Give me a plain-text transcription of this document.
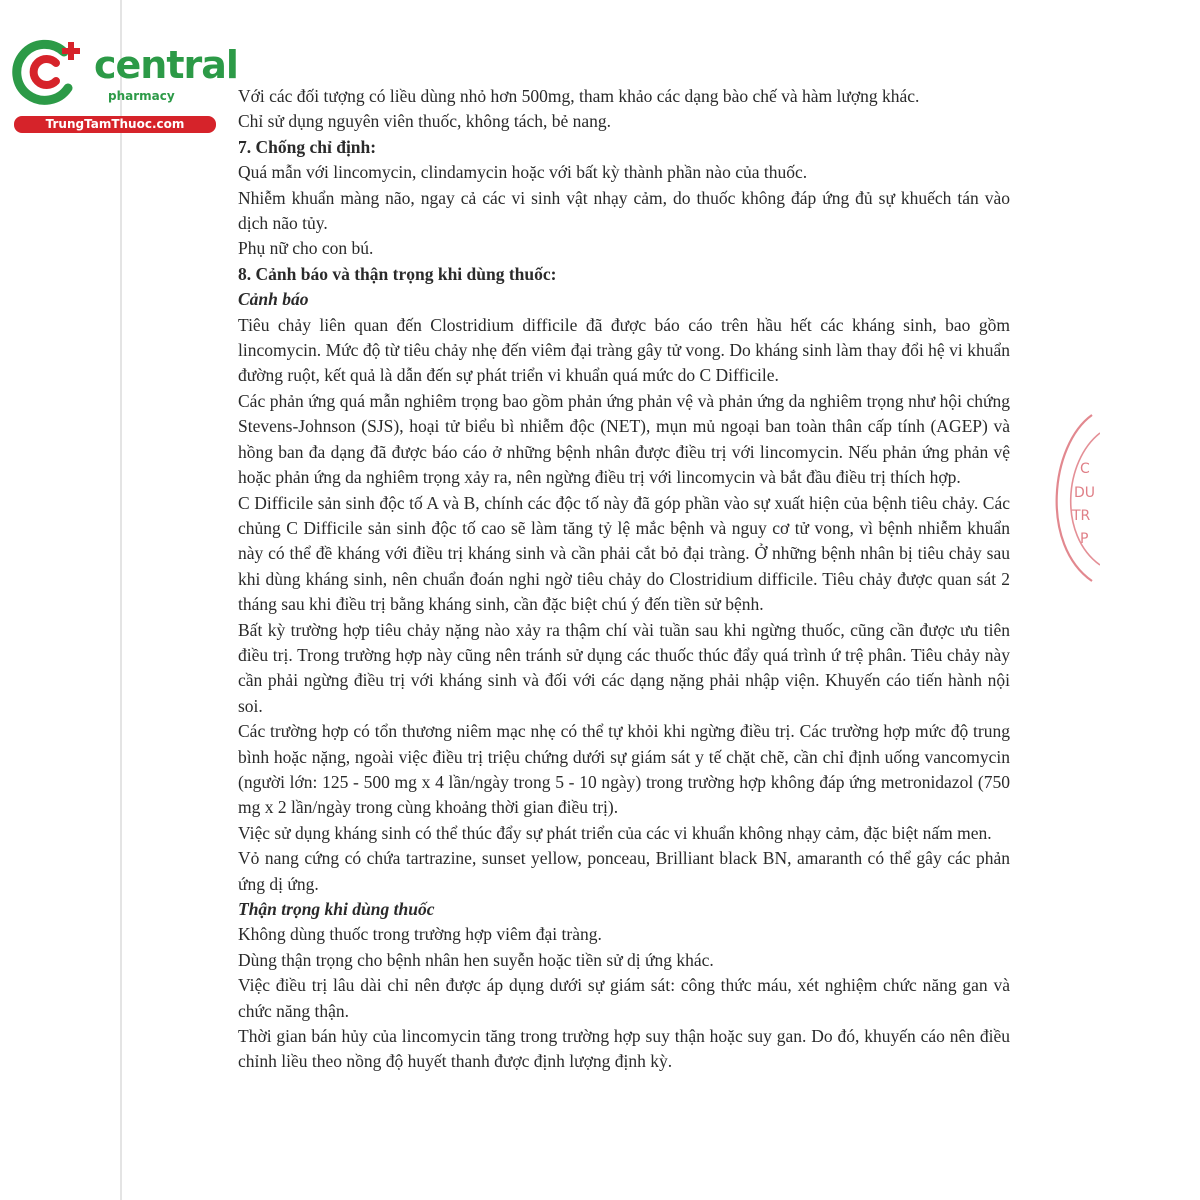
central
pharmacy
TrungTamThuoc.com
C
DU
TR
P

Với các đối tượng có liều dùng nhỏ hơn 500mg, tham khảo các dạng bào chế và hàm lượng khác.

Chỉ sử dụng nguyên viên thuốc, không tách, bẻ nang.

7. Chống chỉ định:

Quá mẫn với lincomycin, clindamycin hoặc với bất kỳ thành phần nào của thuốc.

Nhiễm khuẩn màng não, ngay cả các vi sinh vật nhạy cảm, do thuốc không đáp ứng đủ sự khuếch tán vào dịch não tủy.

Phụ nữ cho con bú.

8. Cảnh báo và thận trọng khi dùng thuốc:

Cảnh báo

Tiêu chảy liên quan đến Clostridium difficile đã được báo cáo trên hầu hết các kháng sinh, bao gồm lincomycin. Mức độ từ tiêu chảy nhẹ đến viêm đại tràng gây tử vong. Do kháng sinh làm thay đổi hệ vi khuẩn đường ruột, kết quả là dẫn đến sự phát triển vi khuẩn quá mức do C Difficile.

Các phản ứng quá mẫn nghiêm trọng bao gồm phản ứng phản vệ và phản ứng da nghiêm trọng như hội chứng Stevens-Johnson (SJS), hoại tử biểu bì nhiễm độc (NET), mụn mủ ngoại ban toàn thân cấp tính (AGEP) và hồng ban đa dạng đã được báo cáo ở những bệnh nhân được điều trị với lincomycin. Nếu phản ứng phản vệ hoặc phản ứng da nghiêm trọng xảy ra, nên ngừng điều trị với lincomycin và bắt đầu điều trị thích hợp.

C Difficile sản sinh độc tố A và B, chính các độc tố này đã góp phần vào sự xuất hiện của bệnh tiêu chảy. Các chủng C Difficile sản sinh độc tố cao sẽ làm tăng tỷ lệ mắc bệnh và nguy cơ tử vong, vì bệnh nhiễm khuẩn này có thể đề kháng với điều trị kháng sinh và cần phải cắt bỏ đại tràng. Ở những bệnh nhân bị tiêu chảy sau khi dùng kháng sinh, nên chuẩn đoán nghi ngờ tiêu chảy do Clostridium difficile. Tiêu chảy được quan sát 2 tháng sau khi điều trị bằng kháng sinh, cần đặc biệt chú ý đến tiền sử bệnh.

Bất kỳ trường hợp tiêu chảy nặng nào xảy ra thậm chí vài tuần sau khi ngừng thuốc, cũng cần được ưu tiên điều trị. Trong trường hợp này cũng nên tránh sử dụng các thuốc thúc đẩy quá trình ứ trệ phân. Tiêu chảy này cần phải ngừng điều trị với kháng sinh và đối với các dạng nặng phải nhập viện. Khuyến cáo tiến hành nội soi.

Các trường hợp có tổn thương niêm mạc nhẹ có thể tự khỏi khi ngừng điều trị. Các trường hợp mức độ trung bình hoặc nặng, ngoài việc điều trị triệu chứng dưới sự giám sát y tế chặt chẽ, cần chỉ định uống vancomycin (người lớn: 125 - 500 mg x 4 lần/ngày trong 5 - 10 ngày) trong trường hợp không đáp ứng metronidazol (750 mg x 2 lần/ngày trong cùng khoảng thời gian điều trị).

Việc sử dụng kháng sinh có thể thúc đẩy sự phát triển của các vi khuẩn không nhạy cảm, đặc biệt nấm men.

Vỏ nang cứng có chứa tartrazine, sunset yellow, ponceau, Brilliant black BN, amaranth có thể gây các phản ứng dị ứng.

Thận trọng khi dùng thuốc

Không dùng thuốc trong trường hợp viêm đại tràng.

Dùng thận trọng cho bệnh nhân hen suyễn hoặc tiền sử dị ứng khác.

Việc điều trị lâu dài chỉ nên được áp dụng dưới sự giám sát: công thức máu, xét nghiệm chức năng gan và chức năng thận.

Thời gian bán hủy của lincomycin tăng trong trường hợp suy thận hoặc suy gan. Do đó, khuyến cáo nên điều chỉnh liều theo nồng độ huyết thanh được định lượng định kỳ.
